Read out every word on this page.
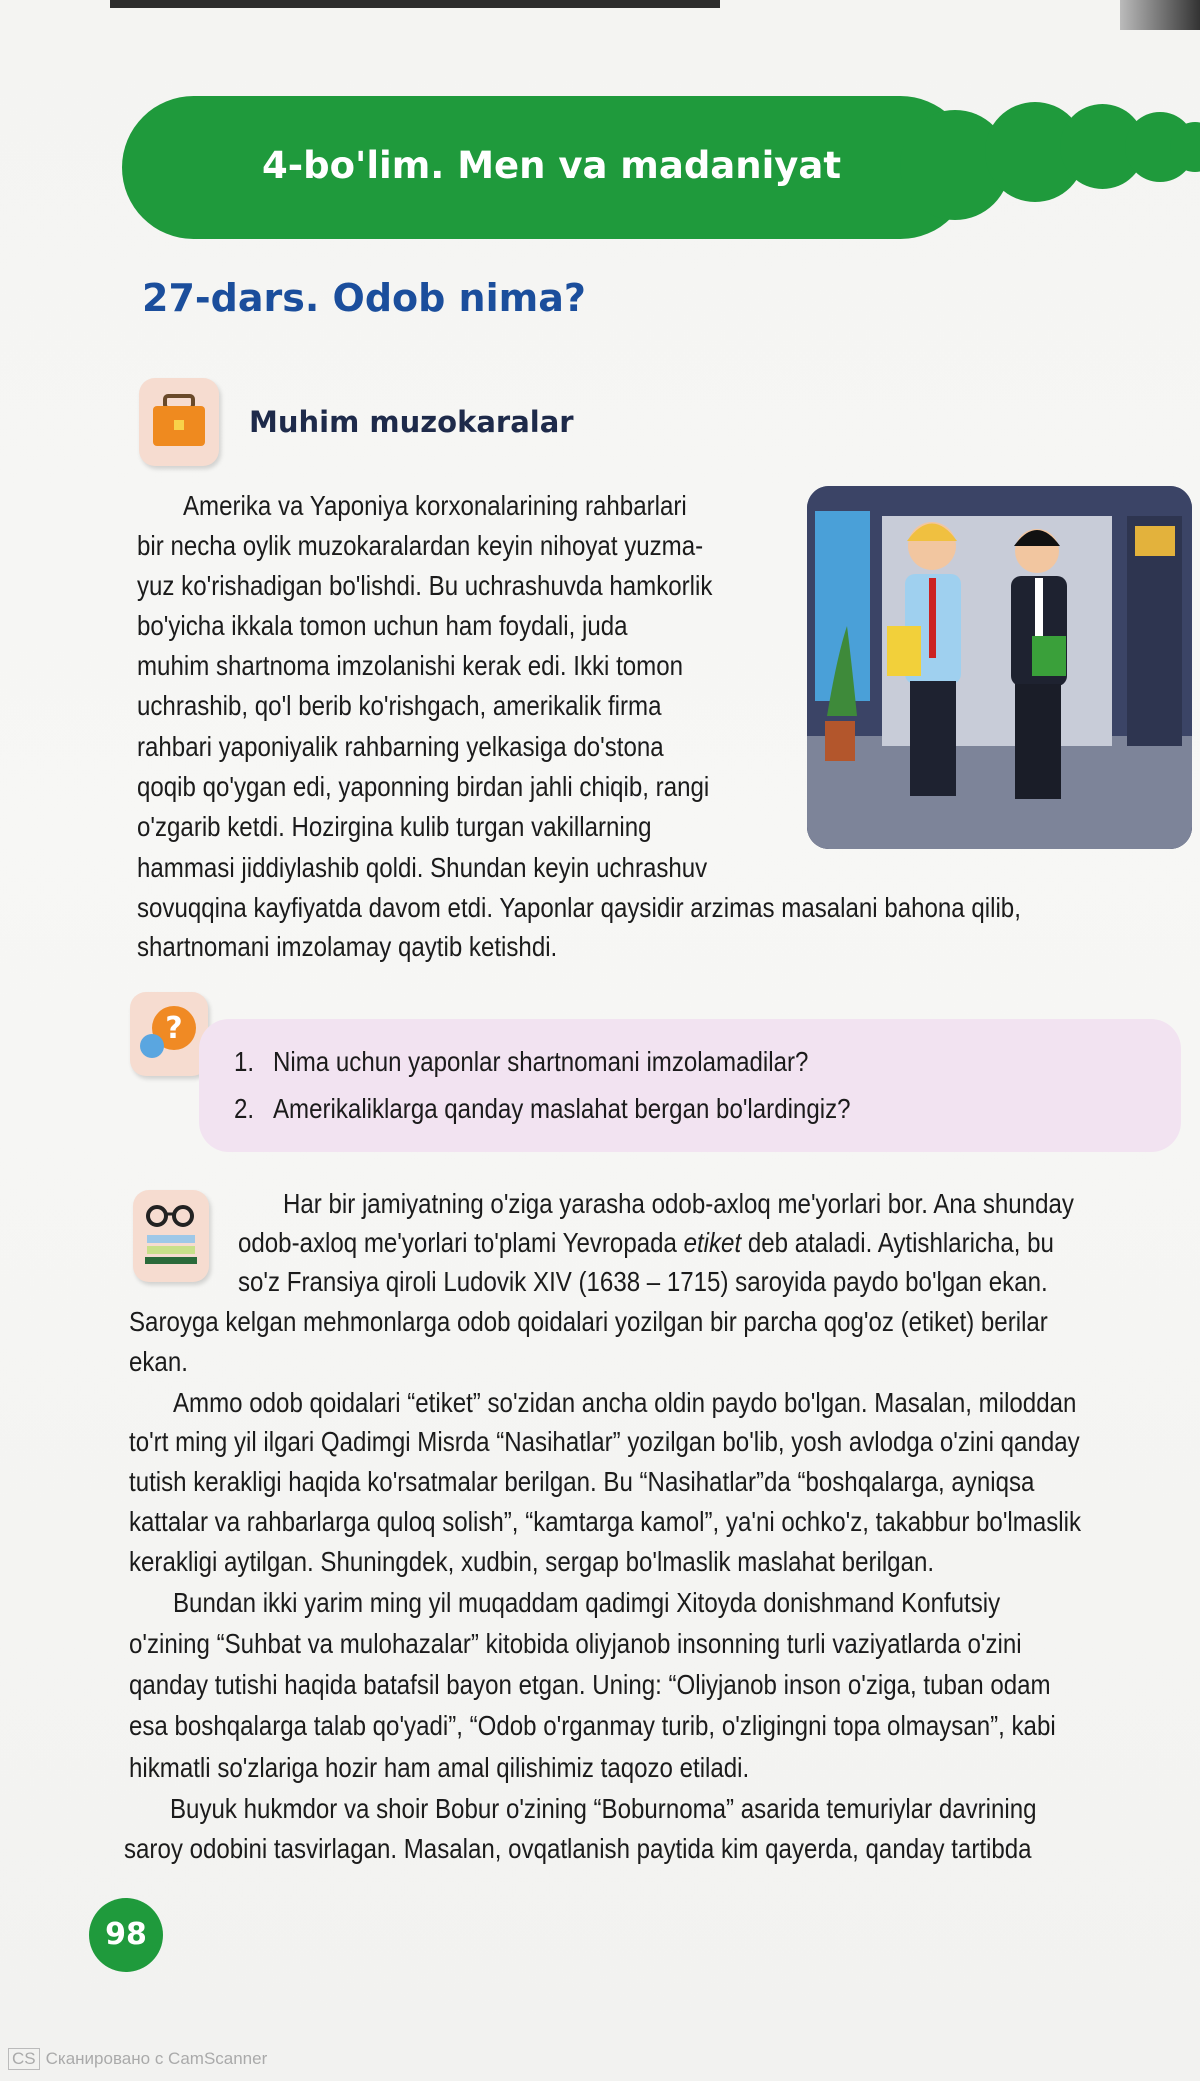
4-bo'lim. Men va madaniyat
27-dars. Odob nima?
Muhim muzokaralar
Amerika va Yaponiya korxonalarining rahbarlari
bir necha oylik muzokaralardan keyin nihoyat yuzma-
yuz ko'rishadigan bo'lishdi. Bu uchrashuvda hamkorlik
bo'yicha ikkala tomon uchun ham foydali, juda
muhim shartnoma imzolanishi kerak edi. Ikki tomon
uchrashib, qo'l berib ko'rishgach, amerikalik firma
rahbari yaponiyalik rahbarning yelkasiga do'stona
qoqib qo'ygan edi, yaponning birdan jahli chiqib, rangi
o'zgarib ketdi. Hozirgina kulib turgan vakillarning
hammasi jiddiylashib qoldi. Shundan keyin uchrashuv
sovuqqina kayfiyatda davom etdi. Yaponlar qaysidir arzimas masalani bahona qilib,
shartnomani imzolamay qaytib ketishdi.
?
1. Nima uchun yaponlar shartnomani imzolamadilar?
2. Amerikaliklarga qanday maslahat bergan bo'lardingiz?
Har bir jamiyatning o'ziga yarasha odob-axloq me'yorlari bor. Ana shunday
odob-axloq me'yorlari to'plami Yevropada etiket deb ataladi. Aytishlaricha, bu
so'z Fransiya qiroli Ludovik XIV (1638 – 1715) saroyida paydo bo'lgan ekan.
Saroyga kelgan mehmonlarga odob qoidalari yozilgan bir parcha qog'oz (etiket) berilar
ekan.
Ammo odob qoidalari “etiket” so'zidan ancha oldin paydo bo'lgan. Masalan, miloddan
to'rt ming yil ilgari Qadimgi Misrda “Nasihatlar” yozilgan bo'lib, yosh avlodga o'zini qanday
tutish kerakligi haqida ko'rsatmalar berilgan. Bu “Nasihatlar”da “boshqalarga, ayniqsa
kattalar va rahbarlarga quloq solish”, “kamtarga kamol”, ya'ni ochko'z, takabbur bo'lmaslik
kerakligi aytilgan. Shuningdek, xudbin, sergap bo'lmaslik maslahat berilgan.
Bundan ikki yarim ming yil muqaddam qadimgi Xitoyda donishmand Konfutsiy
o'zining “Suhbat va mulohazalar” kitobida oliyjanob insonning turli vaziyatlarda o'zini
qanday tutishi haqida batafsil bayon etgan. Uning: “Oliyjanob inson o'ziga, tuban odam
esa boshqalarga talab qo'yadi”, “Odob o'rganmay turib, o'zligingni topa olmaysan”, kabi
hikmatli so'zlariga hozir ham amal qilishimiz taqozo etiladi.
Buyuk hukmdor va shoir Bobur o'zining “Boburnoma” asarida temuriylar davrining
saroy odobini tasvirlagan. Masalan, ovqatlanish paytida kim qayerda, qanday tartibda
98
CS Сканировано с CamScanner
